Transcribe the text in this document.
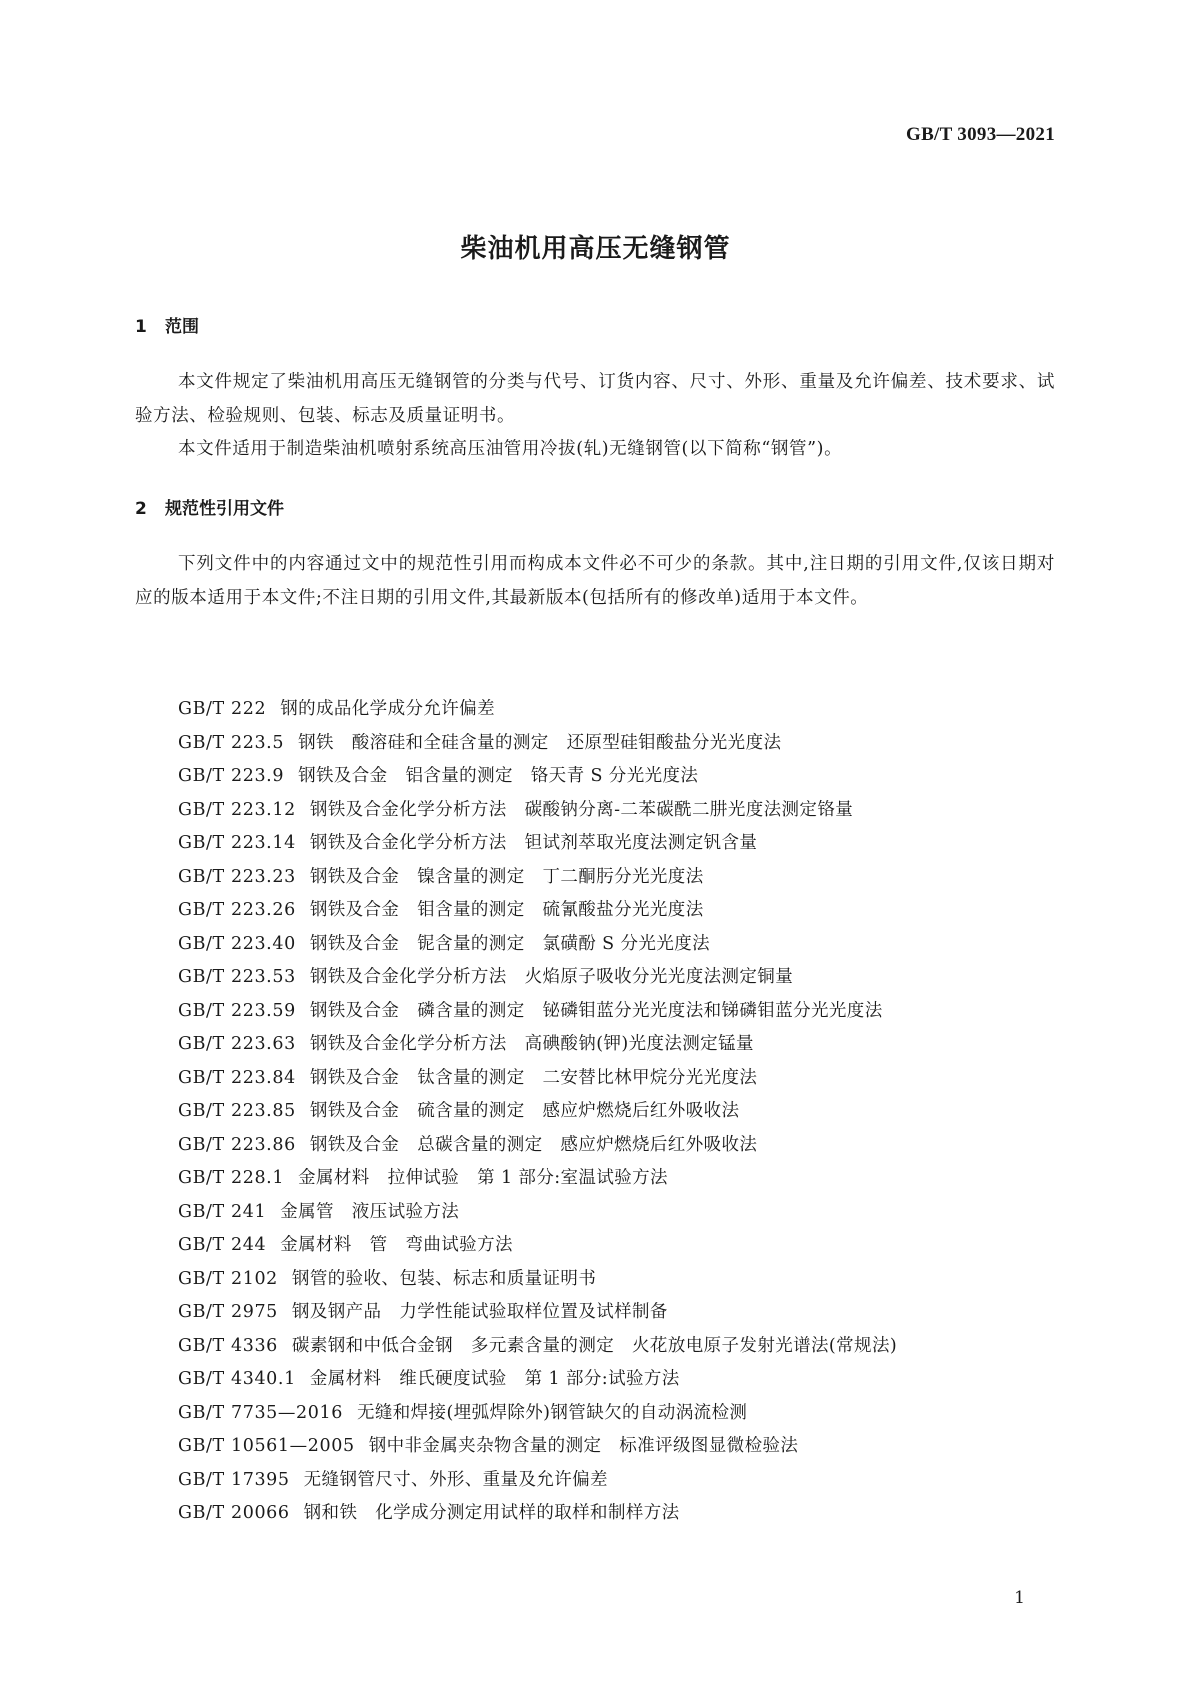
GB/T 3093—2021
柴油机用高压无缝钢管
1 范围
本文件规定了柴油机用高压无缝钢管的分类与代号、订货内容、尺寸、外形、重量及允许偏差、技术要求、试验方法、检验规则、包装、标志及质量证明书。
本文件适用于制造柴油机喷射系统高压油管用冷拔(轧)无缝钢管(以下简称“钢管”)。
2 规范性引用文件
下列文件中的内容通过文中的规范性引用而构成本文件必不可少的条款。其中,注日期的引用文件,仅该日期对应的版本适用于本文件;不注日期的引用文件,其最新版本(包括所有的修改单)适用于本文件。
GB/T 222 钢的成品化学成分允许偏差
GB/T 223.5 钢铁　酸溶硅和全硅含量的测定　还原型硅钼酸盐分光光度法
GB/T 223.9 钢铁及合金　铝含量的测定　铬天青 S 分光光度法
GB/T 223.12 钢铁及合金化学分析方法　碳酸钠分离-二苯碳酰二肼光度法测定铬量
GB/T 223.14 钢铁及合金化学分析方法　钽试剂萃取光度法测定钒含量
GB/T 223.23 钢铁及合金　镍含量的测定　丁二酮肟分光光度法
GB/T 223.26 钢铁及合金　钼含量的测定　硫氰酸盐分光光度法
GB/T 223.40 钢铁及合金　铌含量的测定　氯磺酚 S 分光光度法
GB/T 223.53 钢铁及合金化学分析方法　火焰原子吸收分光光度法测定铜量
GB/T 223.59 钢铁及合金　磷含量的测定　铋磷钼蓝分光光度法和锑磷钼蓝分光光度法
GB/T 223.63 钢铁及合金化学分析方法　高碘酸钠(钾)光度法测定锰量
GB/T 223.84 钢铁及合金　钛含量的测定　二安替比林甲烷分光光度法
GB/T 223.85 钢铁及合金　硫含量的测定　感应炉燃烧后红外吸收法
GB/T 223.86 钢铁及合金　总碳含量的测定　感应炉燃烧后红外吸收法
GB/T 228.1 金属材料　拉伸试验　第 1 部分:室温试验方法
GB/T 241 金属管　液压试验方法
GB/T 244 金属材料　管　弯曲试验方法
GB/T 2102 钢管的验收、包装、标志和质量证明书
GB/T 2975 钢及钢产品　力学性能试验取样位置及试样制备
GB/T 4336 碳素钢和中低合金钢　多元素含量的测定　火花放电原子发射光谱法(常规法)
GB/T 4340.1 金属材料　维氏硬度试验　第 1 部分:试验方法
GB/T 7735—2016 无缝和焊接(埋弧焊除外)钢管缺欠的自动涡流检测
GB/T 10561—2005 钢中非金属夹杂物含量的测定　标准评级图显微检验法
GB/T 17395 无缝钢管尺寸、外形、重量及允许偏差
GB/T 20066 钢和铁　化学成分测定用试样的取样和制样方法
1
